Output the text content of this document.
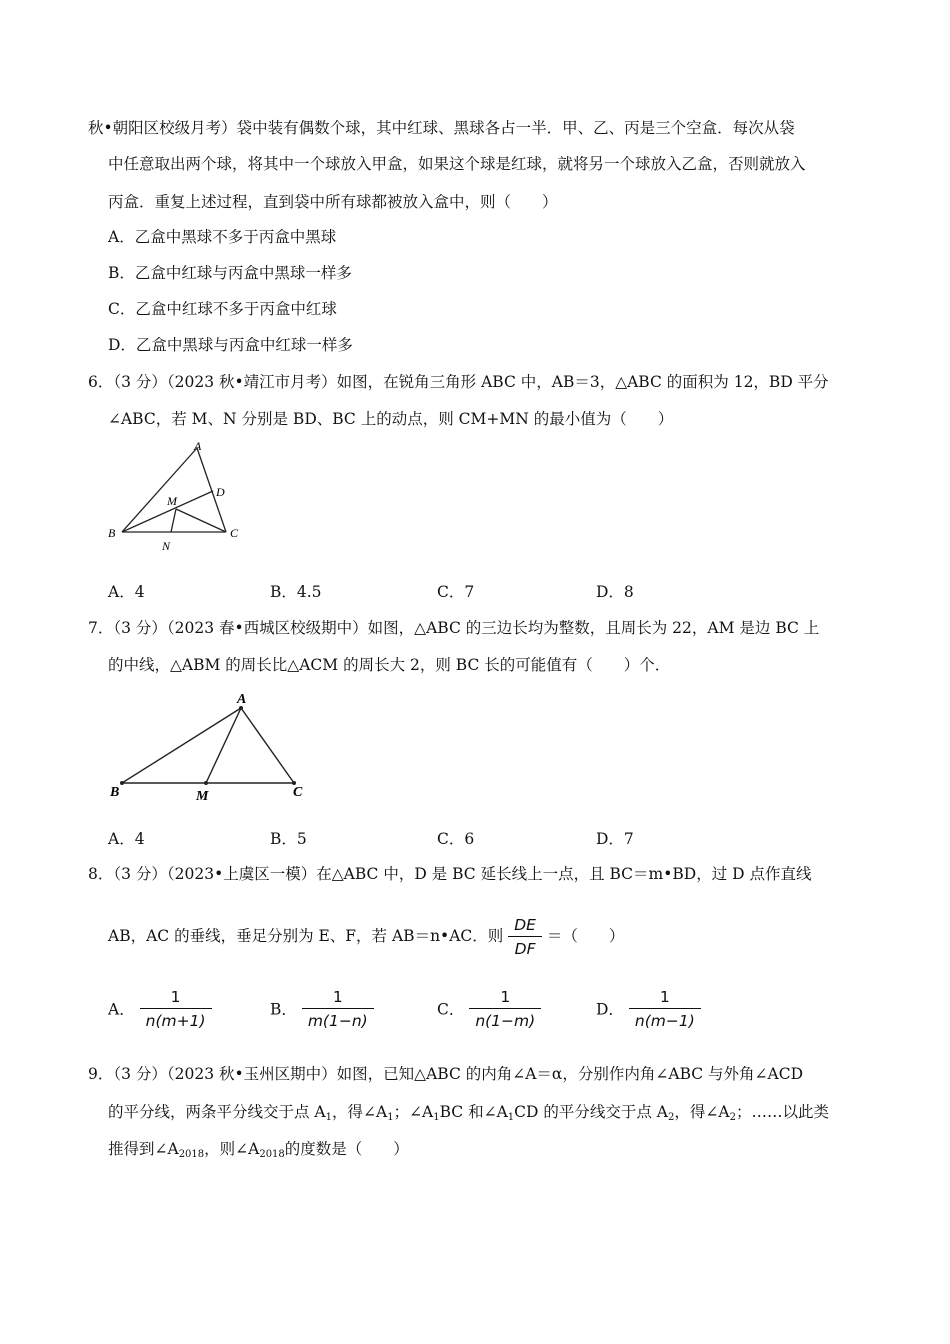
秋•朝阳区校级月考）袋中装有偶数个球，其中红球、黑球各占一半．甲、乙、丙是三个空盒．每次从袋
中任意取出两个球，将其中一个球放入甲盒，如果这个球是红球，就将另一个球放入乙盒，否则就放入
丙盒．重复上述过程，直到袋中所有球都被放入盒中，则（　　）
A．乙盒中黑球不多于丙盒中黑球
B．乙盒中红球与丙盒中黑球一样多
C．乙盒中红球不多于丙盒中红球
D．乙盒中黑球与丙盒中红球一样多
6．（3 分）（2023 秋•靖江市月考）如图，在锐角三角形 ABC 中，AB＝3，△ABC 的面积为 12，BD 平分
∠ABC，若 M、N 分别是 BD、BC 上的动点，则 CM+MN 的最小值为（　　）
A
B	C
D
M
N
A．4	B．4.5	C．7	D．8
7．（3 分）（2023 春•西城区校级期中）如图，△ABC 的三边长均为整数，且周长为 22，AM 是边 BC 上
的中线，△ABM 的周长比△ACM 的周长大 2，则 BC 长的可能值有（　　）个．
A
B	C
M
A．4	B．5	C．6	D．7
8．（3 分）（2023•上虞区一模）在△ABC 中，D 是 BC 延长线上一点，且 BC＝m•BD，过 D 点作直线
AB，AC 的垂线，垂足分别为 E、F，若 AB＝n•AC．则 $\frac{DE}{DF}$ ＝（　　）
A． $\frac{1}{n(m+1)}$	B． $\frac{1}{m(1-n)}$	C． $\frac{1}{n(1-m)}$	D． $\frac{1}{n(m-1)}$
9．（3 分）（2023 秋•玉州区期中）如图，已知△ABC 的内角∠A＝α，分别作内角∠ABC 与外角∠ACD
的平分线，两条平分线交于点 $A_1$，得$\angle A_1$；$\angle A_1BC$ 和$\angle A_1CD$ 的平分线交于点 $A_2$，得$\angle A_2$；……以此类
推得到$\angle A_{2018}$，则$\angle A_{2018}$的度数是（　　）
